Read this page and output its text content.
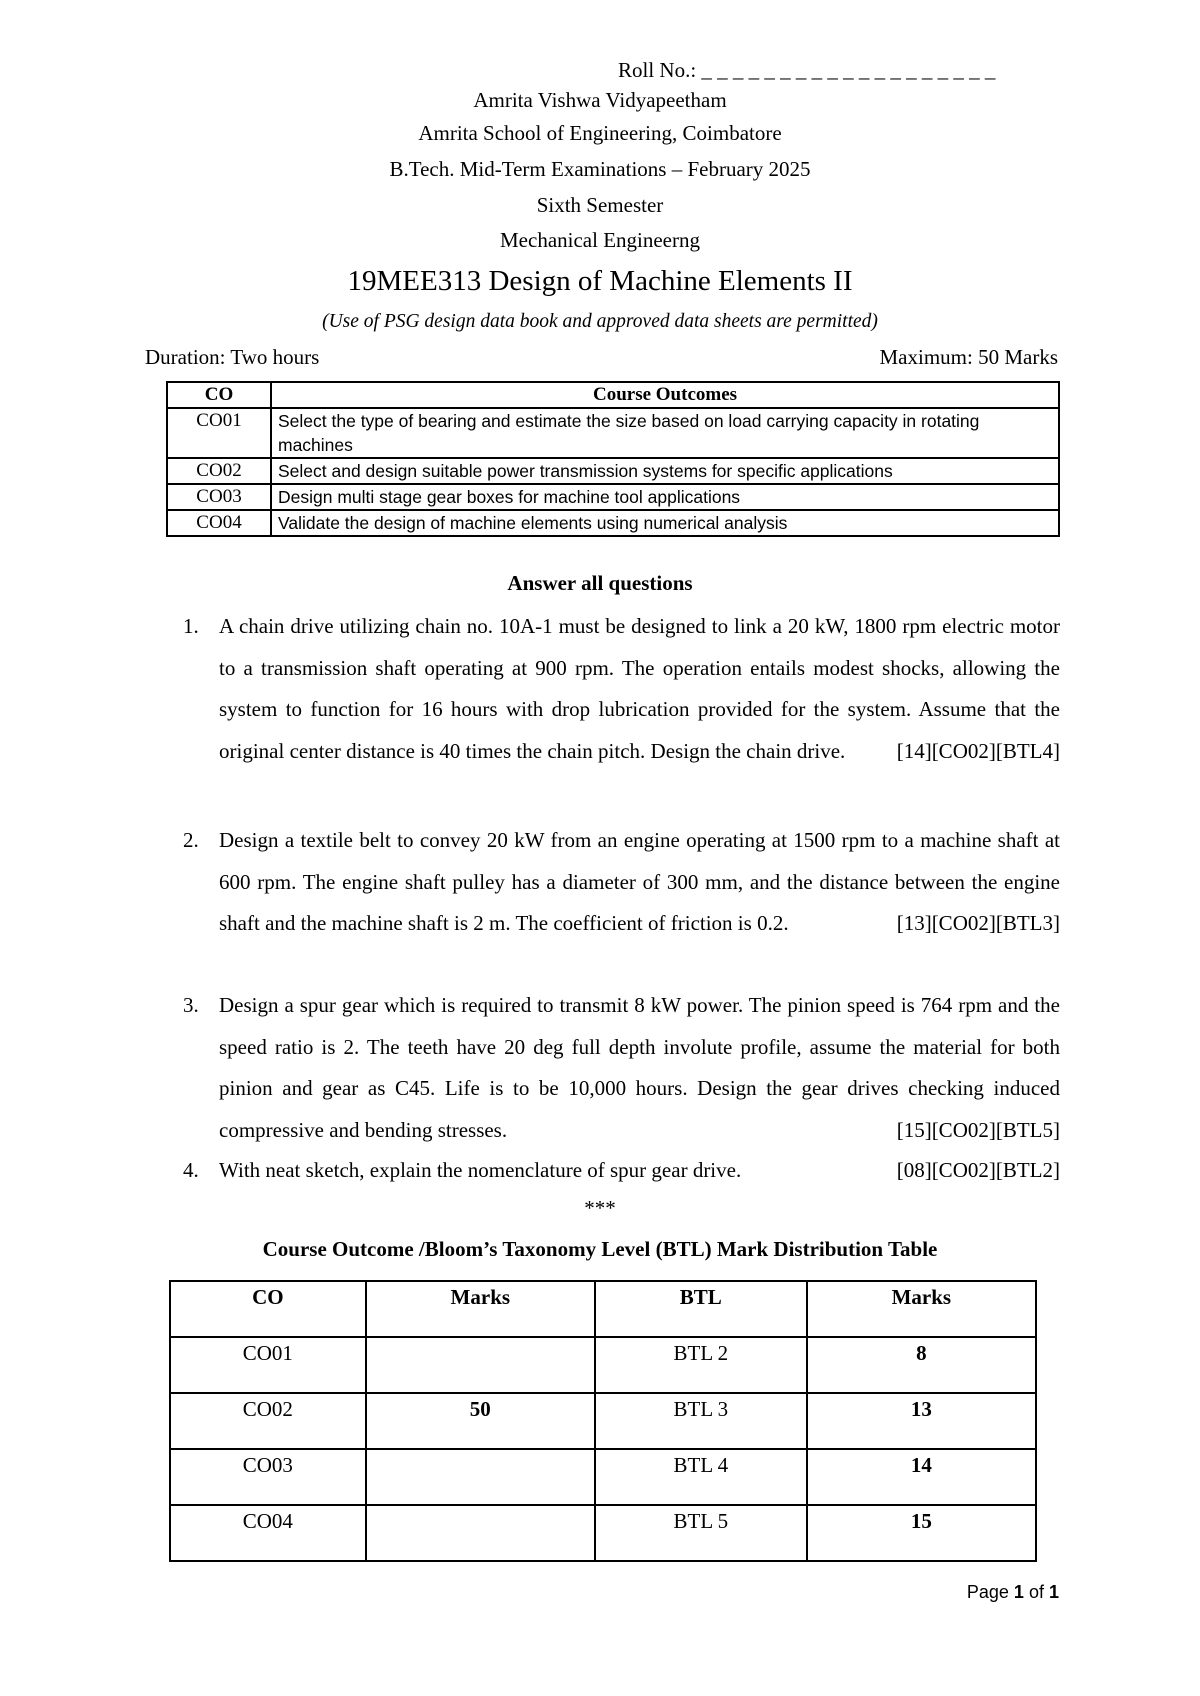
Roll No.: _ _ _ _ _ _ _ _ _ _ _ _ _ _ _ _ _ _ _
Amrita Vishwa Vidyapeetham
Amrita School of Engineering, Coimbatore
B.Tech. Mid-Term Examinations – February 2025
Sixth Semester
Mechanical Engineerng
19MEE313 Design of Machine Elements II
(Use of PSG design data book and approved data sheets are permitted)
Duration: Two hours	Maximum: 50 Marks
CO	Course Outcomes
CO01	Select the type of bearing and estimate the size based on load carrying capacity in rotating machines
CO02	Select and design suitable power transmission systems for specific applications
CO03	Design multi stage gear boxes for machine tool applications
CO04	Validate the design of machine elements using numerical analysis
Answer all questions
1. A chain drive utilizing chain no. 10A-1 must be designed to link a 20 kW, 1800 rpm electric motor to a transmission shaft operating at 900 rpm. The operation entails modest shocks, allowing the system to function for 16 hours with drop lubrication provided for the system. Assume that the original center distance is 40 times the chain pitch. Design the chain drive. [14][CO02][BTL4]
2. Design a textile belt to convey 20 kW from an engine operating at 1500 rpm to a machine shaft at 600 rpm. The engine shaft pulley has a diameter of 300 mm, and the distance between the engine shaft and the machine shaft is 2 m. The coefficient of friction is 0.2.	[13][CO02][BTL3]
3. Design a spur gear which is required to transmit 8 kW power. The pinion speed is 764 rpm and the speed ratio is 2. The teeth have 20 deg full depth involute profile, assume the material for both pinion and gear as C45. Life is to be 10,000 hours. Design the gear drives checking induced compressive and bending stresses.	[15][CO02][BTL5]
4. With neat sketch, explain the nomenclature of spur gear drive.	[08][CO02][BTL2]
***
Course Outcome /Bloom’s Taxonomy Level (BTL) Mark Distribution Table
CO	Marks	BTL	Marks
CO01		BTL 2	8
CO02	50	BTL 3	13
CO03		BTL 4	14
CO04		BTL 5	15
Page 1 of 1
